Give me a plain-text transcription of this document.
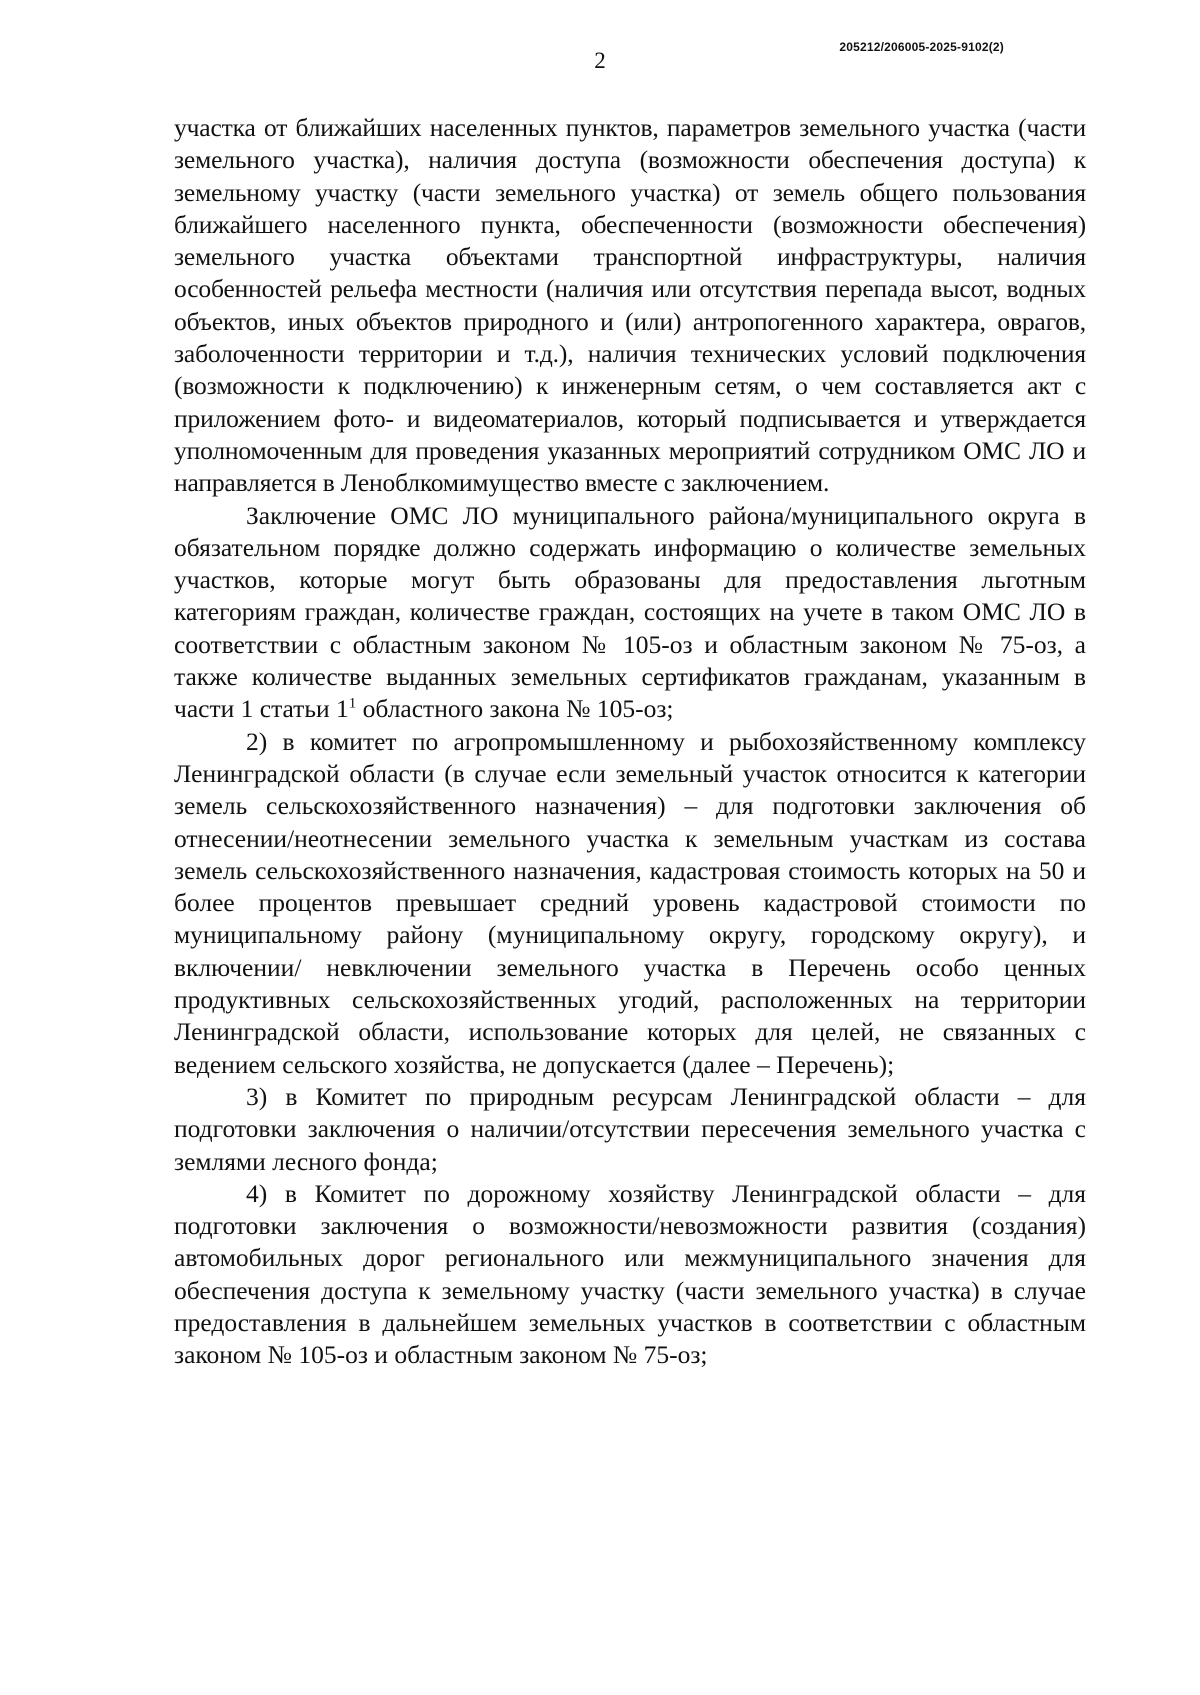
2
205212/206005-2025-9102(2)

участка от ближайших населенных пунктов, параметров земельного участка (части земельного участка), наличия доступа (возможности обеспечения доступа) к земельному участку (части земельного участка) от земель общего пользования ближайшего населенного пункта, обеспеченности (возможности обеспечения) земельного участка объектами транспортной инфраструктуры, наличия особенностей рельефа местности (наличия или отсутствия перепада высот, водных объектов, иных объектов природного и (или) антропогенного характера, оврагов, заболоченности территории и т.д.), наличия технических условий подключения (возможности к подключению) к инженерным сетям, о чем составляется акт с приложением фото- и видеоматериалов, который подписывается и утверждается уполномоченным для проведения указанных мероприятий сотрудником ОМС ЛО и направляется в Леноблкомимущество вместе с заключением.

Заключение ОМС ЛО муниципального района/муниципального округа в обязательном порядке должно содержать информацию о количестве земельных участков, которые могут быть образованы для предоставления льготным категориям граждан, количестве граждан, состоящих на учете в таком ОМС ЛО в соответствии с областным законом № 105-оз и областным законом № 75-оз, а также количестве выданных земельных сертификатов гражданам, указанным в части 1 статьи $1^1$ областного закона № 105-оз;

2) в комитет по агропромышленному и рыбохозяйственному комплексу Ленинградской области (в случае если земельный участок относится к категории земель сельскохозяйственного назначения) – для подготовки заключения об отнесении/неотнесении земельного участка к земельным участкам из состава земель сельскохозяйственного назначения, кадастровая стоимость которых на 50 и более процентов превышает средний уровень кадастровой стоимости по муниципальному району (муниципальному округу, городскому округу), и включении/ невключении земельного участка в Перечень особо ценных продуктивных сельскохозяйственных угодий, расположенных на территории Ленинградской области, использование которых для целей, не связанных с ведением сельского хозяйства, не допускается (далее – Перечень);

3) в Комитет по природным ресурсам Ленинградской области – для подготовки заключения о наличии/отсутствии пересечения земельного участка с землями лесного фонда;

4) в Комитет по дорожному хозяйству Ленинградской области – для подготовки заключения о возможности/невозможности развития (создания) автомобильных дорог регионального или межмуниципального значения для обеспечения доступа к земельному участку (части земельного участка) в случае предоставления в дальнейшем земельных участков в соответствии с областным законом № 105-оз и областным законом № 75-оз;
